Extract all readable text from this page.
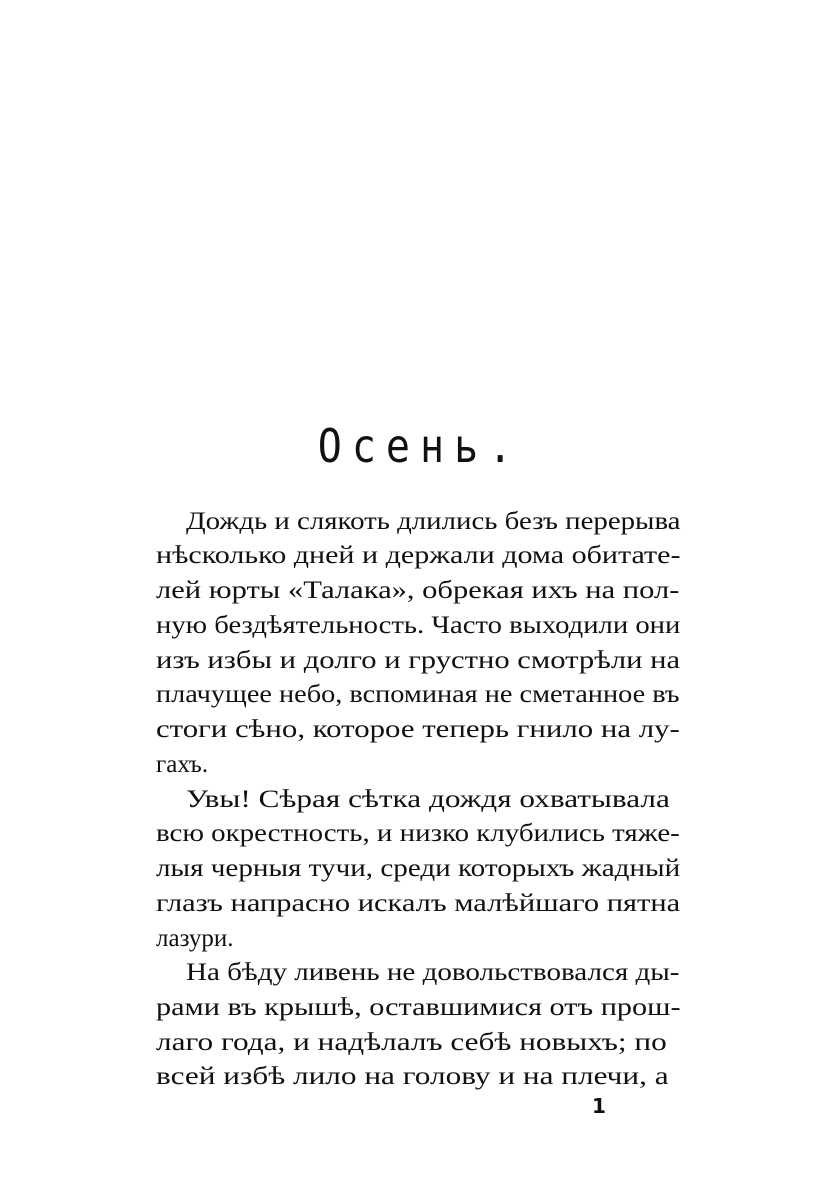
Осень.
Дождь и слякоть длились безъ перерыва
нѣсколько дней и держали дома обитате-
лей юрты «Талака», обрекая ихъ на пол-
ную бездѣятельность. Часто выходили они
изъ избы и долго и грустно смотрѣли на
плачущее небо, вспоминая не сметанное въ
стоги сѣно, которое теперь гнило на лу-
гахъ.
Увы! Сѣрая сѣтка дождя охватывала
всю окрестность, и низко клубились тяже-
лыя черныя тучи, среди которыхъ жадный
глазъ напрасно искалъ малѣйшаго пятна
лазури.
На бѣду ливень не довольствовался ды-
рами въ крышѣ, оставшимися отъ прош-
лаго года, и надѣлалъ себѣ новыхъ; по
всей избѣ лило на голову и на плечи, а
1
